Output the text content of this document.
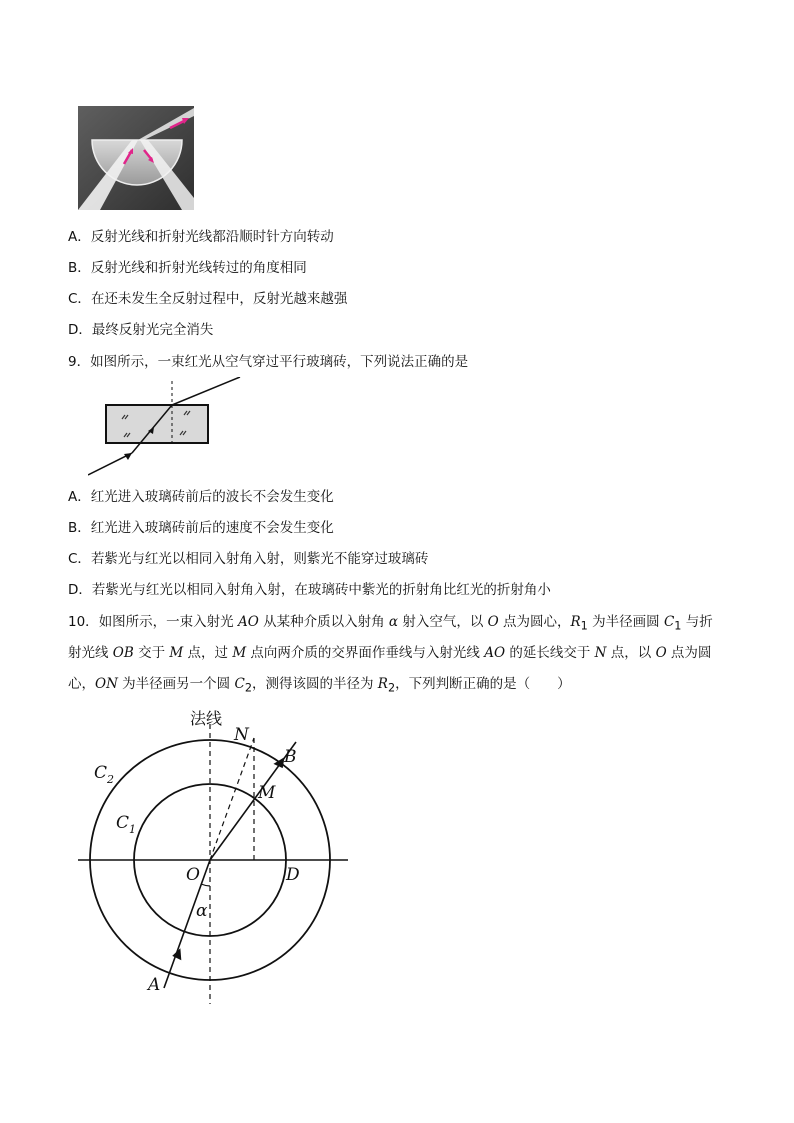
A．反射光线和折射光线都沿顺时针方向转动
B．反射光线和折射光线转过的角度相同
C．在还未发生全反射过程中，反射光越来越强
D．最终反射光完全消失
9．如图所示，一束红光从空气穿过平行玻璃砖，下列说法正确的是
A．红光进入玻璃砖前后的波长不会发生变化
B．红光进入玻璃砖前后的速度不会发生变化
C．若紫光与红光以相同入射角入射，则紫光不能穿过玻璃砖
D．若紫光与红光以相同入射角入射，在玻璃砖中紫光的折射角比红光的折射角小
10．如图所示，一束入射光 AO 从某种介质以入射角 α 射入空气，以 O 点为圆心，$R_1$ 为半径画圆 $C_1$ 与折
射光线 OB 交于 M 点，过 M 点向两介质的交界面作垂线与入射光线 AO 的延长线交于 N 点，以 O 点为圆
心，ON 为半径画另一个圆 $C_2$，测得该圆的半径为 $R_2$，下列判断正确的是（　　）
法线
N
B
M
$C_2$
$C_1$
O	D
α
A
